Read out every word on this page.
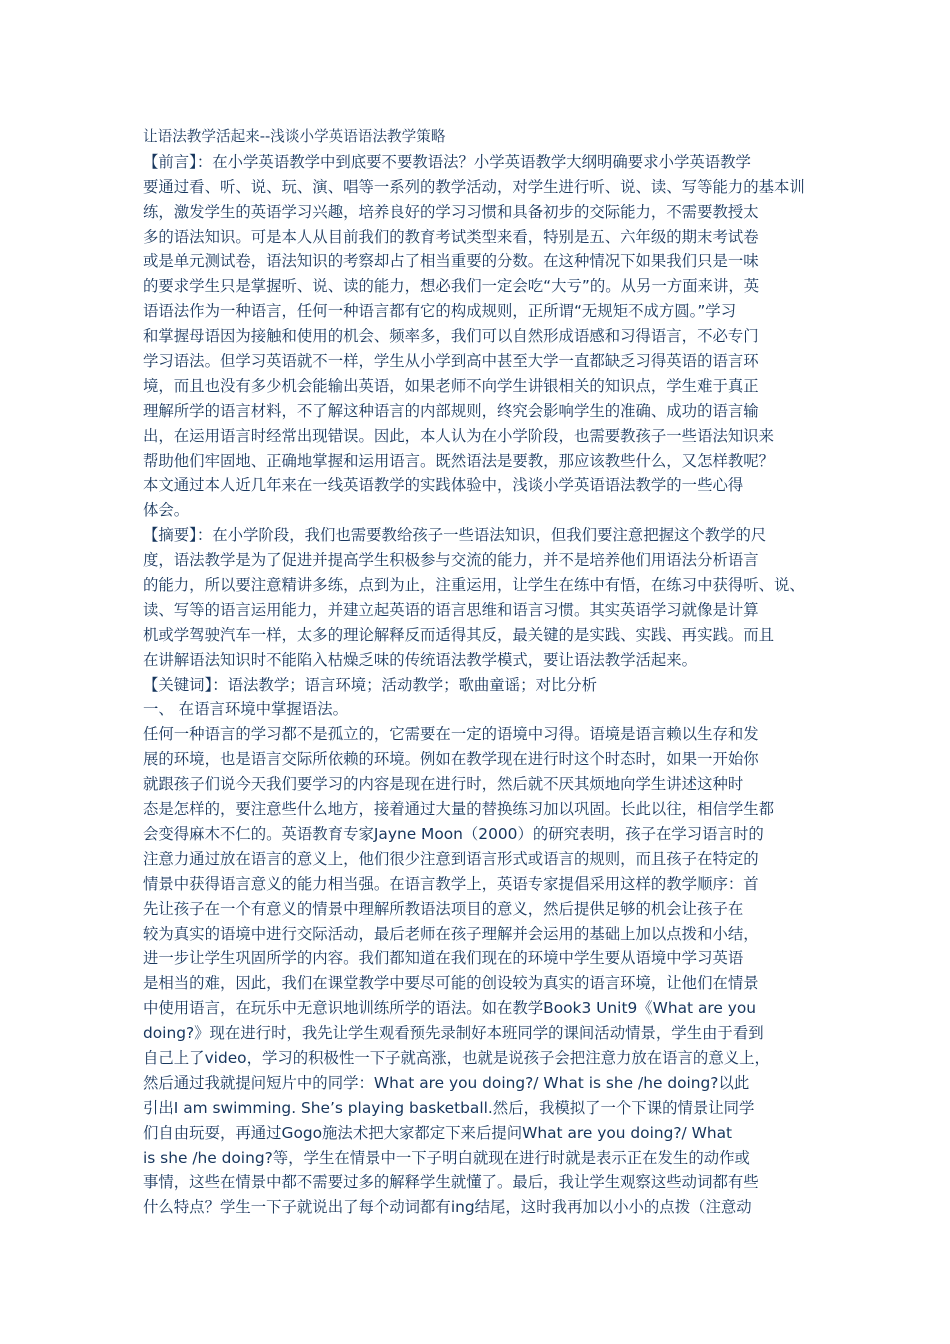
让语法教学活起来--浅谈小学英语语法教学策略
【前言】：在小学英语教学中到底要不要教语法？小学英语教学大纲明确要求小学英语教学
要通过看、听、说、玩、演、唱等一系列的教学活动，对学生进行听、说、读、写等能力的基本训
练，激发学生的英语学习兴趣，培养良好的学习习惯和具备初步的交际能力，不需要教授太
多的语法知识。可是本人从目前我们的教育考试类型来看，特别是五、六年级的期末考试卷
或是单元测试卷，语法知识的考察却占了相当重要的分数。在这种情况下如果我们只是一味
的要求学生只是掌握听、说、读的能力，想必我们一定会吃“大亏”的。从另一方面来讲，英
语语法作为一种语言，任何一种语言都有它的构成规则，正所谓“无规矩不成方圆。”学习
和掌握母语因为接触和使用的机会、频率多，我们可以自然形成语感和习得语言，不必专门
学习语法。但学习英语就不一样，学生从小学到高中甚至大学一直都缺乏习得英语的语言环
境，而且也没有多少机会能输出英语，如果老师不向学生讲银相关的知识点，学生难于真正
理解所学的语言材料，不了解这种语言的内部规则，终究会影响学生的准确、成功的语言输
出，在运用语言时经常出现错误。因此，本人认为在小学阶段，也需要教孩子一些语法知识来
帮助他们牢固地、正确地掌握和运用语言。既然语法是要教，那应该教些什么，又怎样教呢？
本文通过本人近几年来在一线英语教学的实践体验中，浅谈小学英语语法教学的一些心得
体会。
【摘要】：在小学阶段，我们也需要教给孩子一些语法知识，但我们要注意把握这个教学的尺
度，语法教学是为了促进并提高学生积极参与交流的能力，并不是培养他们用语法分析语言
的能力，所以要注意精讲多练，点到为止，注重运用，让学生在练中有悟，在练习中获得听、说、
读、写等的语言运用能力，并建立起英语的语言思维和语言习惯。其实英语学习就像是计算
机或学驾驶汽车一样，太多的理论解释反而适得其反，最关键的是实践、实践、再实践。而且
在讲解语法知识时不能陷入枯燥乏味的传统语法教学模式，要让语法教学活起来。
【关键词】：语法教学；语言环境；活动教学；歌曲童谣；对比分析
一、 在语言环境中掌握语法。
任何一种语言的学习都不是孤立的，它需要在一定的语境中习得。语境是语言赖以生存和发
展的环境，也是语言交际所依赖的环境。例如在教学现在进行时这个时态时，如果一开始你
就跟孩子们说今天我们要学习的内容是现在进行时，然后就不厌其烦地向学生讲述这种时
态是怎样的，要注意些什么地方，接着通过大量的替换练习加以巩固。长此以往，相信学生都
会变得麻木不仁的。英语教育专家Jayne Moon（2000）的研究表明，孩子在学习语言时的
注意力通过放在语言的意义上，他们很少注意到语言形式或语言的规则，而且孩子在特定的
情景中获得语言意义的能力相当强。在语言教学上，英语专家提倡采用这样的教学顺序：首
先让孩子在一个有意义的情景中理解所教语法项目的意义，然后提供足够的机会让孩子在
较为真实的语境中进行交际活动，最后老师在孩子理解并会运用的基础上加以点拨和小结，
进一步让学生巩固所学的内容。我们都知道在我们现在的环境中学生要从语境中学习英语
是相当的难，因此，我们在课堂教学中要尽可能的创设较为真实的语言环境，让他们在情景
中使用语言，在玩乐中无意识地训练所学的语法。如在教学Book3 Unit9《What are you
doing?》现在进行时，我先让学生观看预先录制好本班同学的课间活动情景，学生由于看到
自己上了video，学习的积极性一下子就高涨，也就是说孩子会把注意力放在语言的意义上，
然后通过我就提问短片中的同学：What are you doing?/ What is she /he doing?以此
引出I am swimming. She’s playing basketball.然后，我模拟了一个下课的情景让同学
们自由玩耍，再通过Gogo施法术把大家都定下来后提问What are you doing?/ What
is she /he doing?等，学生在情景中一下子明白就现在进行时就是表示正在发生的动作或
事情，这些在情景中都不需要过多的解释学生就懂了。最后，我让学生观察这些动词都有些
什么特点？学生一下子就说出了每个动词都有ing结尾，这时我再加以小小的点拨（注意动
